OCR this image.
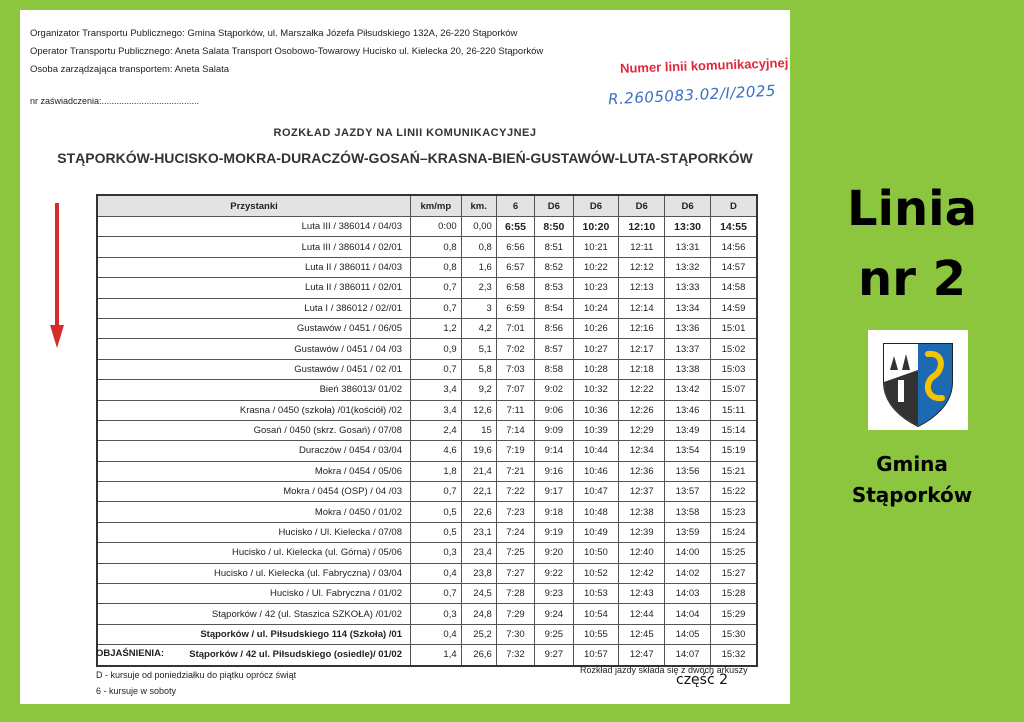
Organizator Transportu Publicznego: Gmina Stąporków, ul. Marszałka Józefa Piłsudskiego 132A, 26-220 Stąporków
Operator Transportu Publicznego: Aneta Salata Transport Osobowo-Towarowy Hucisko ul. Kielecka 20, 26-220 Stąporków
Osoba zarządzająca transportem: Aneta Salata
nr zaświadczenia:.......................................
Numer linii komunikacyjnej
R.2605083.02/I/2025
ROZKŁAD JAZDY NA LINII KOMUNIKACYJNEJ
STĄPORKÓW-HUCISKO-MOKRA-DURACZÓW-GOSAŃ–KRASNA-BIEŃ-GUSTAWÓW-LUTA-STĄPORKÓW
Przystanki	km/mp	km.	6	D6	D6	D6	D6	D
Luta III / 386014 / 04/03	0:00	0,00	6:55	8:50	10:20	12:10	13:30	14:55
Luta III / 386014 / 02/01	0,8	0,8	6:56	8:51	10:21	12:11	13:31	14:56
Luta II / 386011 / 04/03	0,8	1,6	6:57	8:52	10:22	12:12	13:32	14:57
Luta II / 386011 / 02/01	0,7	2,3	6:58	8:53	10:23	12:13	13:33	14:58
Luta I / 386012 / 02//01	0,7	3	6:59	8:54	10:24	12:14	13:34	14:59
Gustawów / 0451 / 06/05	1,2	4,2	7:01	8:56	10:26	12:16	13:36	15:01
Gustawów / 0451 / 04 /03	0,9	5,1	7:02	8:57	10:27	12:17	13:37	15:02
Gustawów / 0451 / 02 /01	0,7	5,8	7:03	8:58	10:28	12:18	13:38	15:03
Bień 386013/ 01/02	3,4	9,2	7:07	9:02	10:32	12:22	13:42	15:07
Krasna / 0450 (szkoła) /01(kościół) /02	3,4	12,6	7:11	9:06	10:36	12:26	13:46	15:11
Gosań / 0450 (skrz. Gosań) / 07/08	2,4	15	7:14	9:09	10:39	12:29	13:49	15:14
Duraczów / 0454 / 03/04	4,6	19,6	7:19	9:14	10:44	12:34	13:54	15:19
Mokra / 0454 / 05/06	1,8	21,4	7:21	9:16	10:46	12:36	13:56	15:21
Mokra / 0454 (OSP) / 04 /03	0,7	22,1	7:22	9:17	10:47	12:37	13:57	15:22
Mokra / 0450 / 01/02	0,5	22,6	7:23	9:18	10:48	12:38	13:58	15:23
Hucisko / Ul. Kielecka / 07/08	0,5	23,1	7:24	9:19	10:49	12:39	13:59	15:24
Hucisko / ul. Kielecka (ul. Górna) / 05/06	0,3	23,4	7:25	9:20	10:50	12:40	14:00	15:25
Hucisko / ul. Kielecka (ul. Fabryczna) / 03/04	0,4	23,8	7:27	9:22	10:52	12:42	14:02	15:27
Hucisko / Ul. Fabryczna / 01/02	0,7	24,5	7:28	9:23	10:53	12:43	14:03	15:28
Stąporków / 42 (ul. Staszica SZKOŁA) /01/02	0,3	24,8	7:29	9:24	10:54	12:44	14:04	15:29
Stąporków / ul. Piłsudskiego 114 (Szkoła) /01	0,4	25,2	7:30	9:25	10:55	12:45	14:05	15:30
Stąporków / 42 ul. Piłsudskiego (osiedle)/ 01/02	1,4	26,6	7:32	9:27	10:57	12:47	14:07	15:32
OBJAŚNIENIA:
D - kursuje od poniedziałku do piątku oprócz świąt
6 - kursuje w soboty
Rozkład jazdy składa się z dwóch arkuszy
część 2
Linia
nr 2
Gmina
Stąporków
